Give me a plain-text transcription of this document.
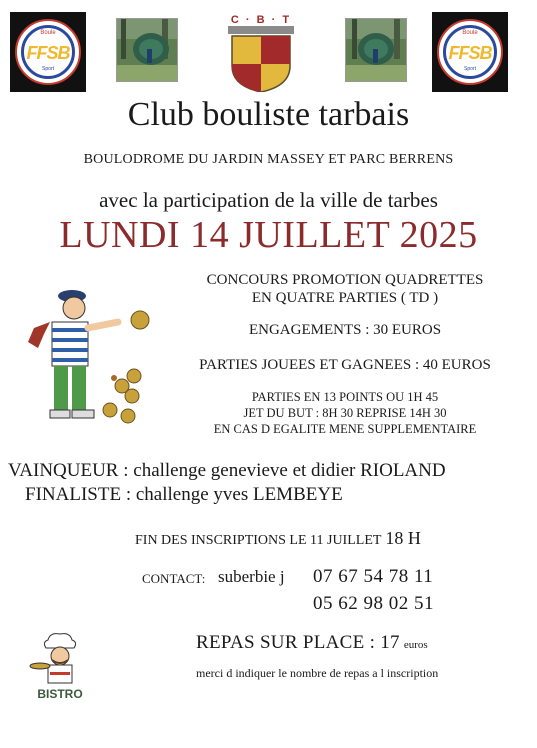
Boule
FFSB
Sport
C · B · T
Boule
FFSB
Sport
Club bouliste tarbais
BOULODROME DU JARDIN MASSEY ET PARC BERRENS
avec la participation de la ville de tarbes
LUNDI 14 JUILLET 2025
CONCOURS PROMOTION QUADRETTES
EN QUATRE PARTIES ( TD )
ENGAGEMENTS : 30 EUROS
PARTIES JOUEES ET GAGNEES : 40 EUROS
PARTIES EN 13 POINTS OU 1H 45
JET DU BUT : 8H 30 REPRISE 14H 30
EN CAS D EGALITE MENE SUPPLEMENTAIRE
VAINQUEUR : challenge genevieve et didier RIOLAND
FINALISTE : challenge yves LEMBEYE
FIN DES INSCRIPTIONS LE 11 JUILLET 18 H
CONTACT: suberbie j 07 67 54 78 11
05 62 98 02 51
BISTRO
REPAS SUR PLACE : 17 euros
merci d indiquer le nombre de repas a l inscription
